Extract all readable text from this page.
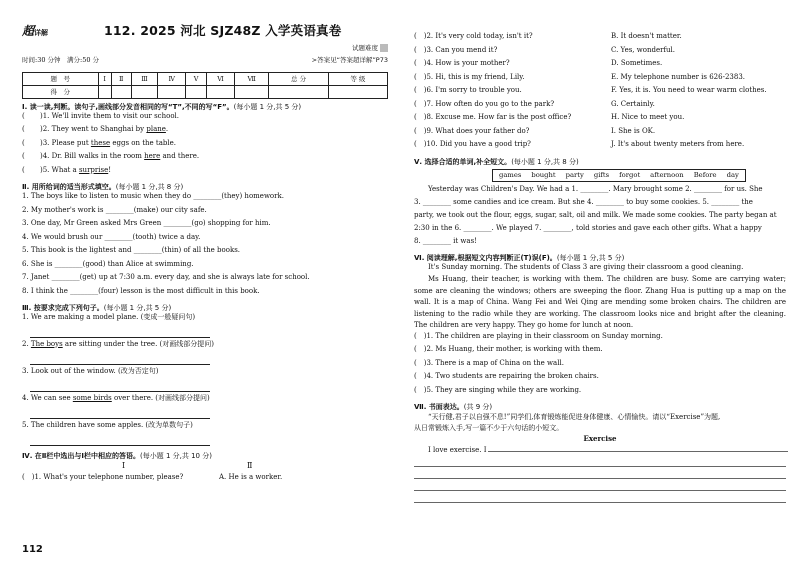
超详解	112. 2025 河北 SJZ48Z 入学英语真卷
试题难度
时间:30 分钟　满分:50 分	>答案见“答案超详解”P73
题　号	Ⅰ	Ⅱ	Ⅲ	Ⅳ	Ⅴ	Ⅵ	Ⅶ	总 分	等 级
得　分									
Ⅰ. 读一读,判断。读句子,画线部分发音相同的写“T”,不同的写“F”。(每小题 1 分,共 5 分)
( )1. We'll invite them to visit our school.
( )2. They went to Shanghai by plane.
( )3. Please put these eggs on the table.
( )4. Dr. Bill walks in the room here and there.
( )5. What a surprise!
Ⅱ. 用所给词的适当形式填空。(每小题 1 分,共 8 分)
1. The boys like to listen to music when they do ________(they) homework.
2. My mother's work is ________(make) our city safe.
3. One day, Mr Green asked Mrs Green ________(go) shopping for him.
4. We would brush our ________(tooth) twice a day.
5. This book is the lightest and ________(thin) of all the books.
6. She is ________(good) than Alice at swimming.
7. Janet ________(get) up at 7:30 a.m. every day, and she is always late for school.
8. I think the ________(four) lesson is the most difficult in this book.
Ⅲ. 按要求完成下列句子。(每小题 1 分,共 5 分)
1. We are making a model plane. (变成一般疑问句)
2. The boys are sitting under the tree. (对画线部分提问)
3. Look out of the window. (改为否定句)
4. We can see some birds over there. (对画线部分提问)
5. The children have some apples. (改为单数句子)
Ⅳ. 在Ⅱ栏中选出与Ⅰ栏中相应的答语。(每小题 1 分,共 10 分)
Ⅰ	Ⅱ
(　)1. What's your telephone number, please?	A. He is a worker.
112
(　)2. It's very cold today, isn't it?	B. It doesn't matter.
(　)3. Can you mend it?	C. Yes, wonderful.
(　)4. How is your mother?	D. Sometimes.
(　)5. Hi, this is my friend, Lily.	E. My telephone number is 626-2383.
(　)6. I'm sorry to trouble you.	F. Yes, it is. You need to wear warm clothes.
(　)7. How often do you go to the park?	G. Certainly.
(　)8. Excuse me. How far is the post office?	H. Nice to meet you.
(　)9. What does your father do?	I. She is OK.
(　)10. Did you have a good trip?	J. It's about twenty meters from here.
Ⅴ. 选择合适的单词,补全短文。(每小题 1 分,共 8 分)
games bought party gifts forgot afternoon Before day
Yesterday was Children's Day. We had a 1. ________. Mary brought some 2. ________ for us. She
3. ________ some candies and ice cream. But she 4. ________ to buy some cookies. 5. ________ the
party, we took out the flour, eggs, sugar, salt, oil and milk. We made some cookies. The party began at
2:30 in the 6. ________. We played 7. ________, told stories and gave each other gifts. What a happy
8. ________ it was!
Ⅵ. 阅读理解,根据短文内容判断正(T)误(F)。(每小题 1 分,共 5 分)

It's Sunday morning. The students of Class 3 are giving their classroom a good cleaning.

Ms Huang, their teacher, is working with them. The children are busy. Some are carrying water; some are cleaning the windows; others are sweeping the floor. Zhang Hua is putting up a map on the wall. It is a map of China. Wang Fei and Wei Qing are mending some broken chairs. The children are listening to the radio while they are working. The classroom looks nice and bright after the cleaning. The children are very happy. They go home for lunch at noon.

(　)1. The children are playing in their classroom on Sunday morning.
(　)2. Ms Huang, their mother, is working with them.
(　)3. There is a map of China on the wall.
(　)4. Two students are repairing the broken chairs.
(　)5. They are singing while they are working.
Ⅶ. 书面表达。(共 9 分)

“天行健,君子以自强不息!”同学们,体育锻炼能促进身体健康、心情愉快。请以“Exercise”为题,
从日常锻炼入手,写一篇不少于六句话的小短文。

Exercise
I love exercise. I
